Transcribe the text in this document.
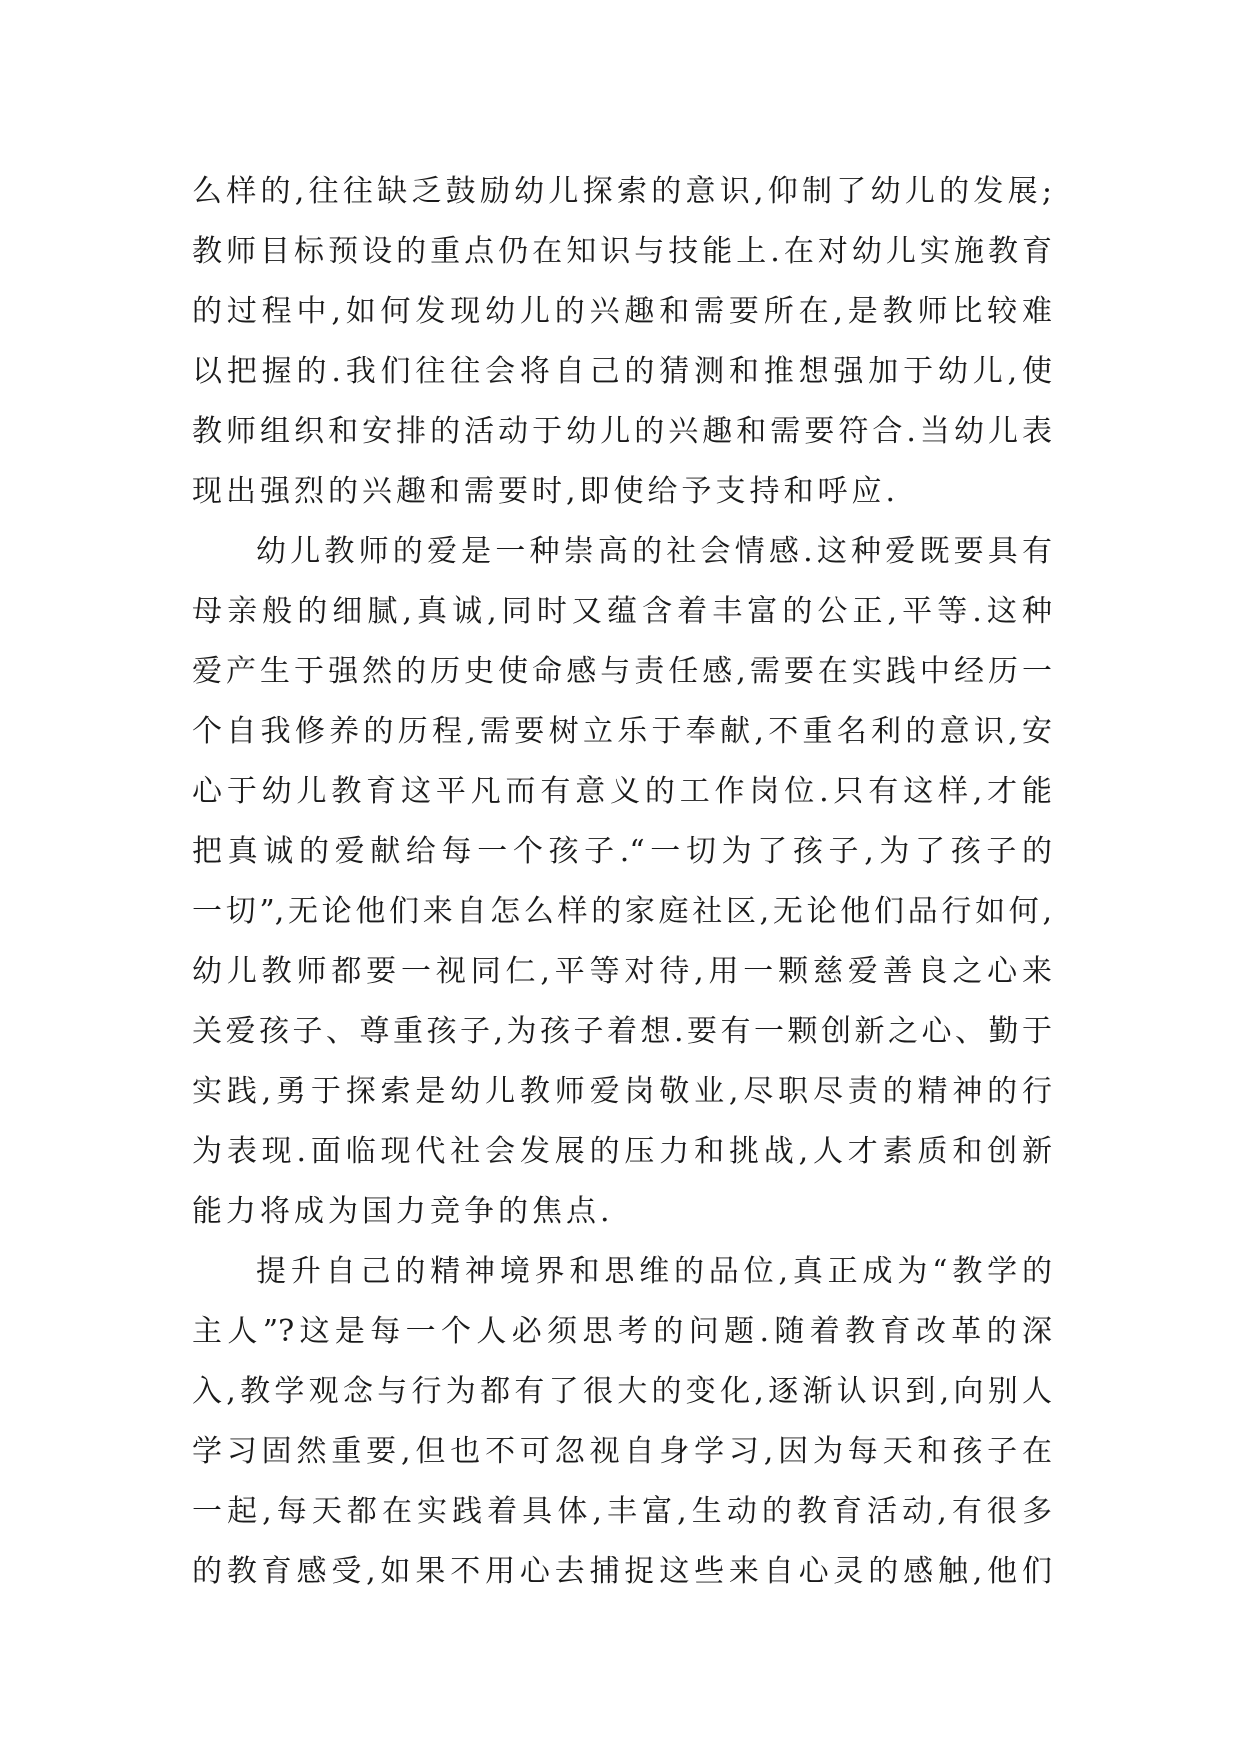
么样的,往往缺乏鼓励幼儿探索的意识,仰制了幼儿的发展;
教师目标预设的重点仍在知识与技能上.在对幼儿实施教育
的过程中,如何发现幼儿的兴趣和需要所在,是教师比较难
以把握的.我们往往会将自己的猜测和推想强加于幼儿,使
教师组织和安排的活动于幼儿的兴趣和需要符合.当幼儿表
现出强烈的兴趣和需要时,即使给予支持和呼应.
幼儿教师的爱是一种崇高的社会情感.这种爱既要具有
母亲般的细腻,真诚,同时又蕴含着丰富的公正,平等.这种
爱产生于强然的历史使命感与责任感,需要在实践中经历一
个自我修养的历程,需要树立乐于奉献,不重名利的意识,安
心于幼儿教育这平凡而有意义的工作岗位.只有这样,才能
把真诚的爱献给每一个孩子.“一切为了孩子,为了孩子的
一切”,无论他们来自怎么样的家庭社区,无论他们品行如何,
幼儿教师都要一视同仁,平等对待,用一颗慈爱善良之心来
关爱孩子、尊重孩子,为孩子着想.要有一颗创新之心、勤于
实践,勇于探索是幼儿教师爱岗敬业,尽职尽责的精神的行
为表现.面临现代社会发展的压力和挑战,人才素质和创新
能力将成为国力竞争的焦点.
提升自己的精神境界和思维的品位,真正成为“教学的
主人”?这是每一个人必须思考的问题.随着教育改革的深
入,教学观念与行为都有了很大的变化,逐渐认识到,向别人
学习固然重要,但也不可忽视自身学习,因为每天和孩子在
一起,每天都在实践着具体,丰富,生动的教育活动,有很多
的教育感受,如果不用心去捕捉这些来自心灵的感触,他们
